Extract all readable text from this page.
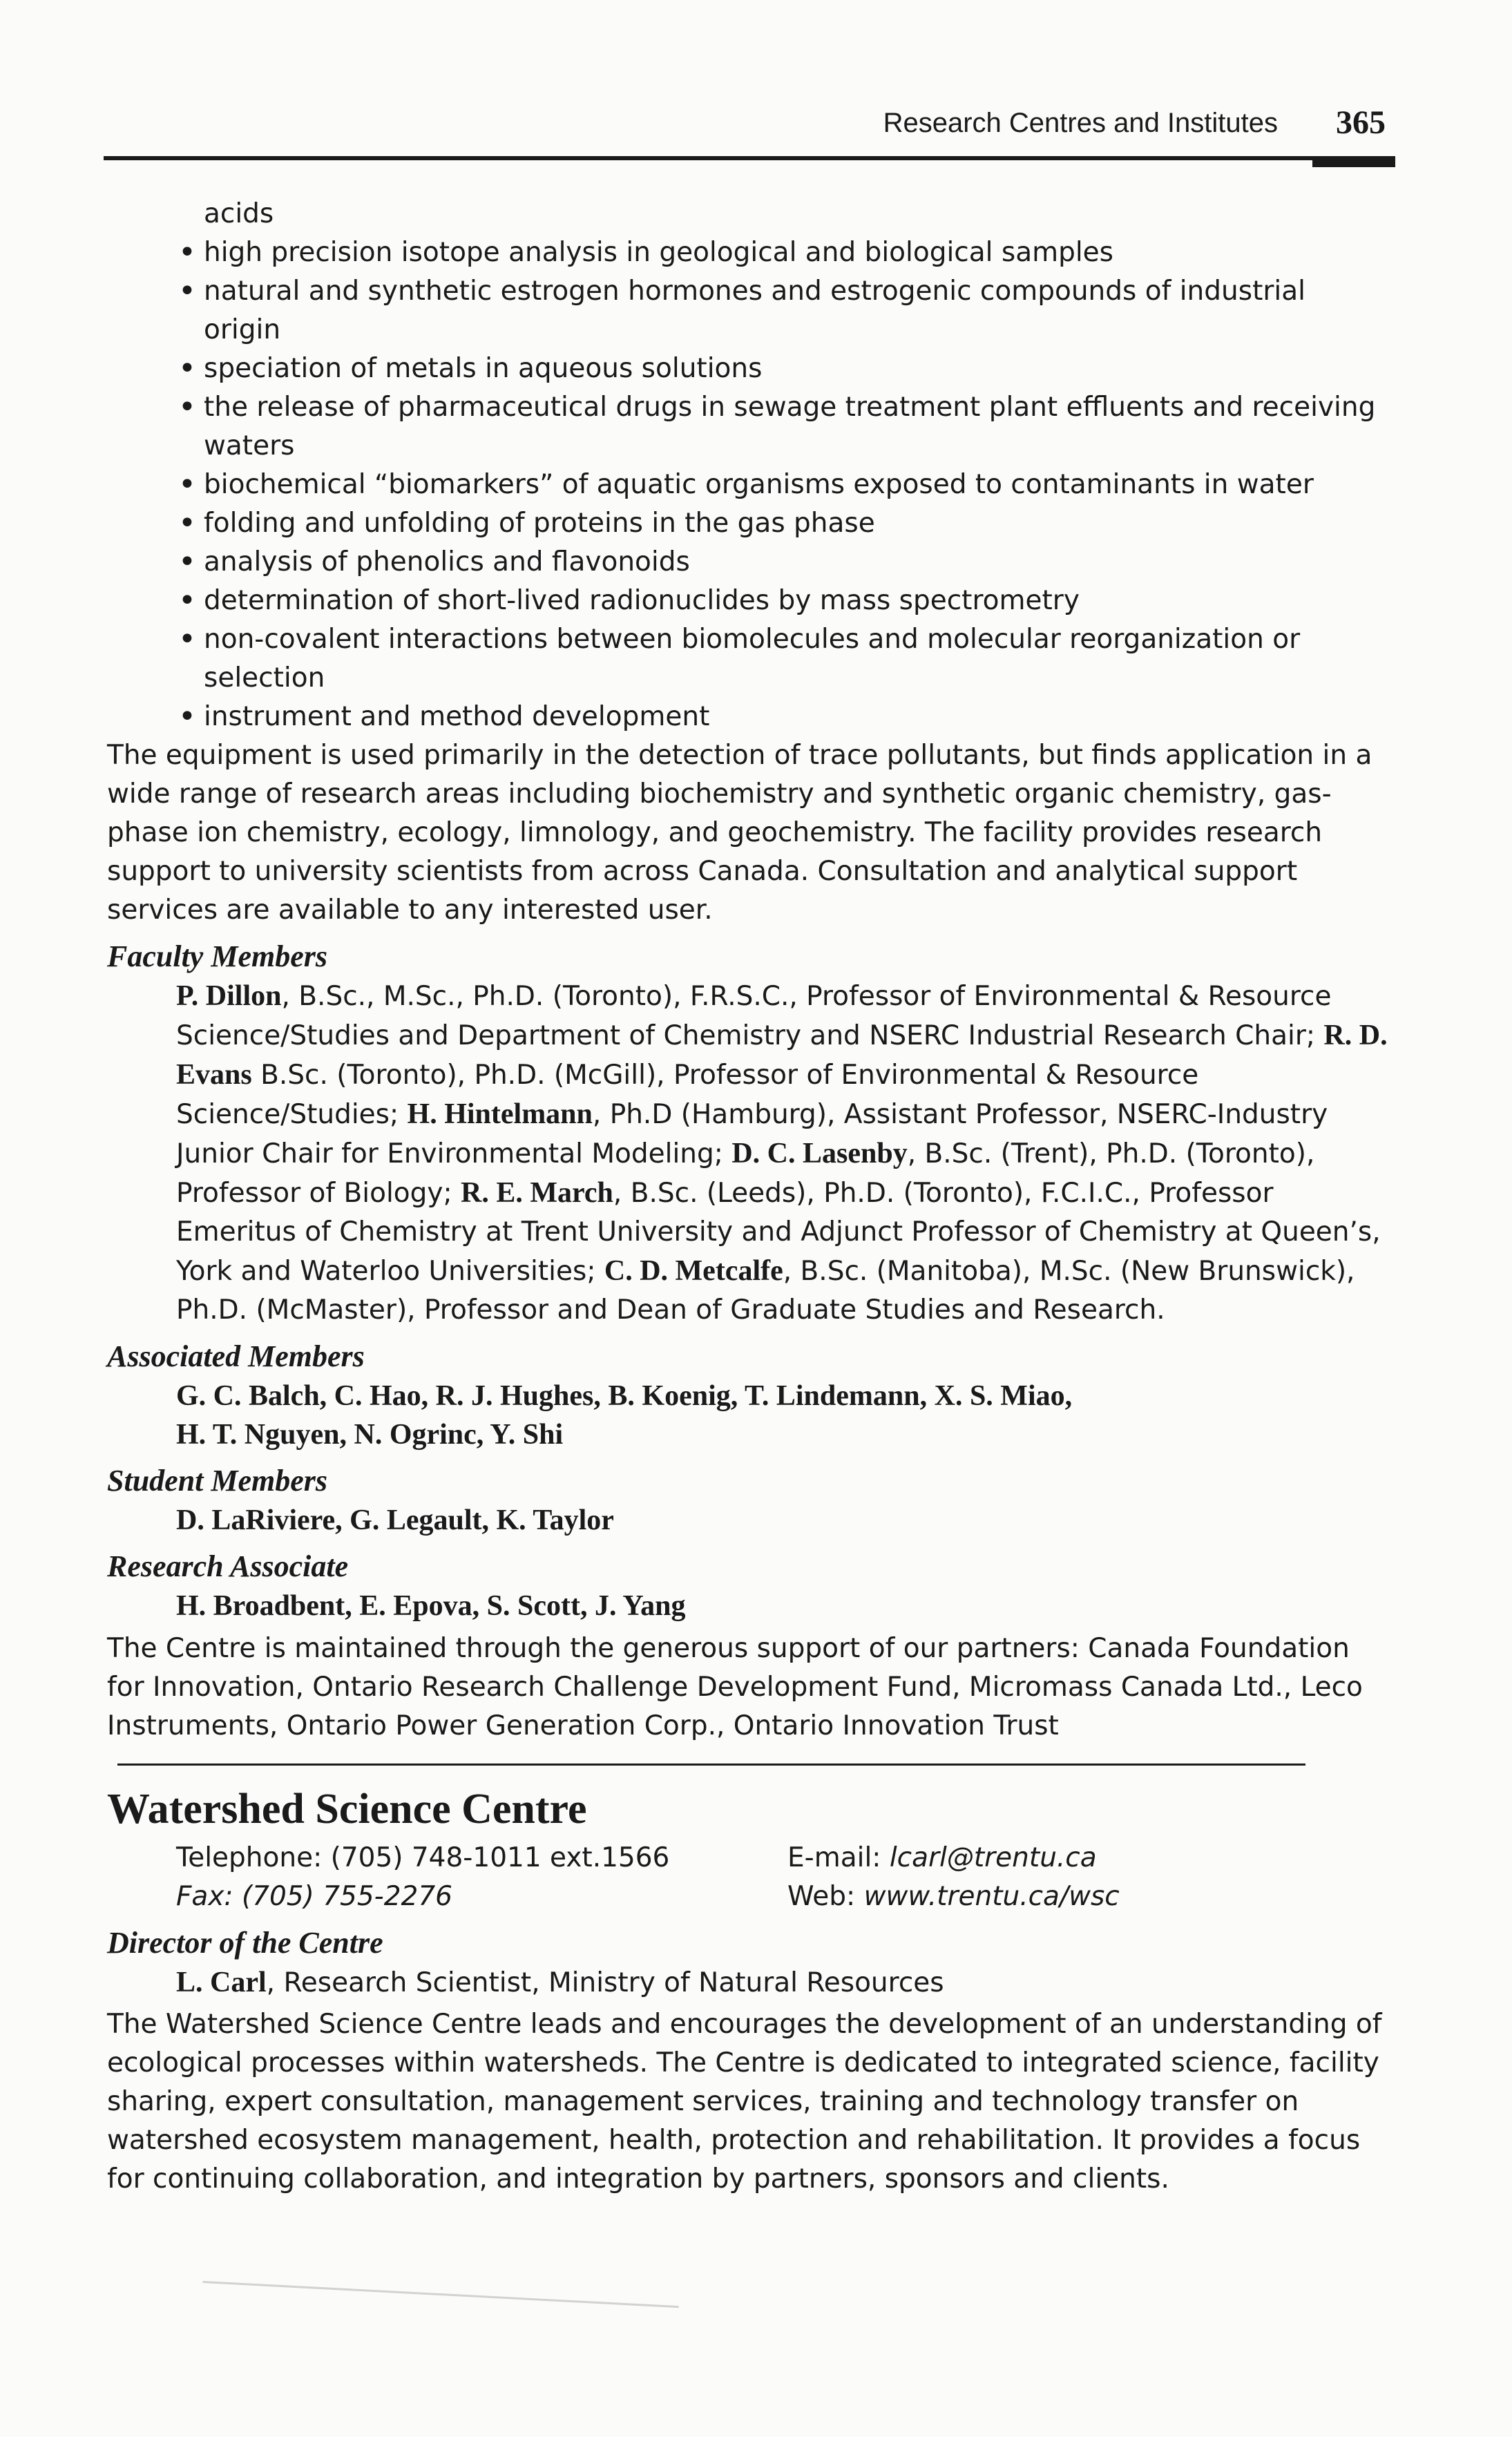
Research Centres and Institutes 365
acids
• high precision isotope analysis in geological and biological samples
• natural and synthetic estrogen hormones and estrogenic compounds of industrial origin
• speciation of metals in aqueous solutions
• the release of pharmaceutical drugs in sewage treatment plant effluents and receiving waters
• biochemical “biomarkers” of aquatic organisms exposed to contaminants in water
• folding and unfolding of proteins in the gas phase
• analysis of phenolics and flavonoids
• determination of short-lived radionuclides by mass spectrometry
• non-covalent interactions between biomolecules and molecular reorganization or selection
• instrument and method development

The equipment is used primarily in the detection of trace pollutants, but finds application in a wide range of research areas including biochemistry and synthetic organic chemistry, gas-phase ion chemistry, ecology, limnology, and geochemistry. The facility provides research support to university scientists from across Canada. Consultation and analytical support services are available to any interested user.

Faculty Members

P. Dillon, B.Sc., M.Sc., Ph.D. (Toronto), F.R.S.C., Professor of Environmental & Resource Science/Studies and Department of Chemistry and NSERC Industrial Research Chair; R. D. Evans B.Sc. (Toronto), Ph.D. (McGill), Professor of Environmental & Resource Science/Studies; H. Hintelmann, Ph.D (Hamburg), Assistant Professor, NSERC-Industry Junior Chair for Environmental Modeling; D. C. Lasenby, B.Sc. (Trent), Ph.D. (Toronto), Professor of Biology; R. E. March, B.Sc. (Leeds), Ph.D. (Toronto), F.C.I.C., Professor Emeritus of Chemistry at Trent University and Adjunct Professor of Chemistry at Queen’s, York and Waterloo Universities; C. D. Metcalfe, B.Sc. (Manitoba), M.Sc. (New Brunswick), Ph.D. (McMaster), Professor and Dean of Graduate Studies and Research.

Associated Members
G. C. Balch, C. Hao, R. J. Hughes, B. Koenig, T. Lindemann, X. S. Miao,
H. T. Nguyen, N. Ogrinc, Y. Shi
Student Members
D. LaRiviere, G. Legault, K. Taylor
Research Associate
H. Broadbent, E. Epova, S. Scott, J. Yang

The Centre is maintained through the generous support of our partners: Canada Foundation for Innovation, Ontario Research Challenge Development Fund, Micromass Canada Ltd., Leco Instruments, Ontario Power Generation Corp., Ontario Innovation Trust

Watershed Science Centre
Telephone: (705) 748-1011 ext.1566
Fax: (705) 755-2276
E-mail: lcarl@trentu.ca
Web: www.trentu.ca/wsc
Director of the Centre
L. Carl, Research Scientist, Ministry of Natural Resources

The Watershed Science Centre leads and encourages the development of an understanding of ecological processes within watersheds. The Centre is dedicated to integrated science, facility sharing, expert consultation, management services, training and technology transfer on watershed ecosystem management, health, protection and rehabilitation. It provides a focus for continuing collaboration, and integration by partners, sponsors and clients.
